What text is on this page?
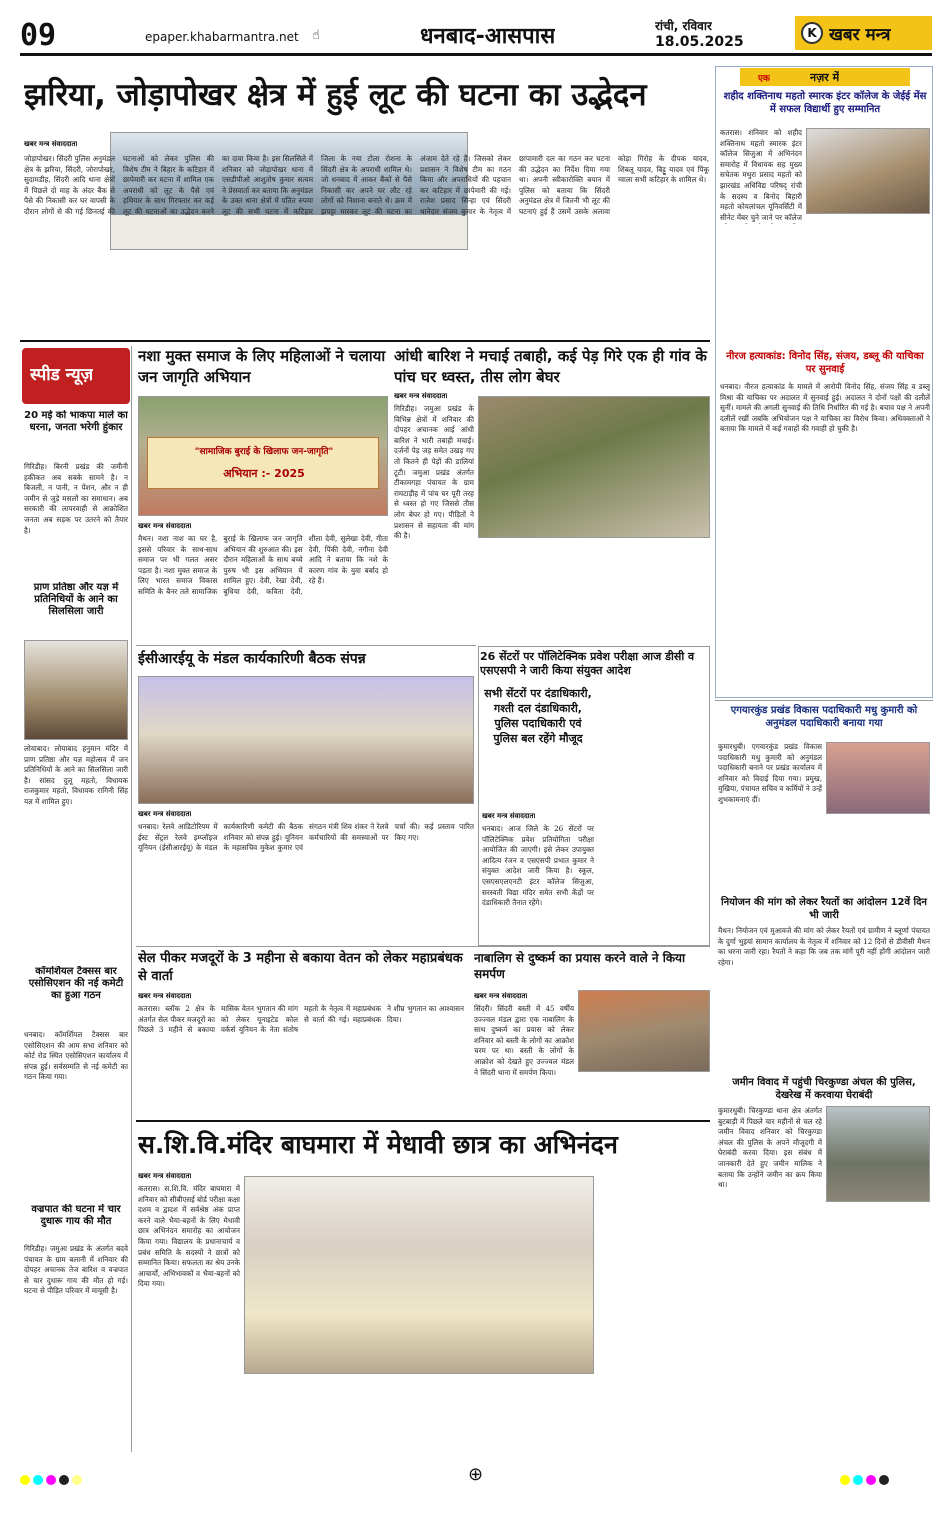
09	epaper.khabarmantra.net ☝	धनबाद-आसपास	रांची, रविवार
18.05.2025
K खबर मन्त्र
झरिया, जोड़ापोखर क्षेत्र में हुई लूट की घटना का उद्भेदन
खबर मन्त्र संवाददाता
जोड़ापोखर। सिंदरी पुलिस अनुमंडल क्षेत्र के झरिया, सिंदरी, जोरापोखर, सुदामडीह, सिंदरी आदि थाना क्षेत्रों में पिछले दो माह के अंदर बैंक से पैसे की निकासी कर घर वापसी के दौरान लोगों से की गई छिनतई की घटनाओं को लेकर पुलिस की विशेष टीम ने बिहार के कटिहार में छापेमारी कर घटना में शामिल एक अपराधी को लूट के पैसे एवं हथियार के साथ गिरफ्तार कर कई लूट की घटनाओं का उद्भेदन करने का दावा किया है। इस सिलसिले में शनिवार को जोड़ापोखर थाना में एसडीपीओ आशुतोष कुमार सत्यम ने प्रेसवार्ता कर बताया कि अनुमंडल के उक्त थाना क्षेत्रों में पतित रुपया लूट की सभी घटना में कटिहार जिला के नया टोला रोशना के सिंदरी क्षेत्र के अपराधी शामिल थे। जो धनबाद में आकर बैंकों से पैसे निकासी कर अपने घर लौट रहे लोगों को निशाना बनाते थे। क्रम में झपट्टा मारकर लूट की घटना का अंजाम देते रहे हैं। जिसको लेकर प्रशासन ने विशेष टीम का गठन किया और अपराधियों की पहचान कर कटिहार में छापेमारी की गई। राजेश प्रसाद सिन्हा एवं सिंदरी थानेदार संजय कुमार के नेतृत्व में छापामारी दल का गठन कर घटना की उद्भेदन का निर्देश दिया गया था। अपनी स्वीकारोक्ति बयान में पुलिस को बताया कि सिंदरी अनुमंडल क्षेत्र में जितनी भी लूट की घटनाएं हुई हैं उसमें उसके अलावा कोड़ा गिरोह के दीपक यादव, शिबलू यादव, बिट्टू यादव एवं पिंकू ग्वाला सभी कटिहार के शामिल थे।
एक	नज़र में
शहीद शक्तिनाथ महतो स्मारक इंटर कॉलेज के जेईई मेंस में सफल विद्यार्थी हुए सम्मानित
कतरास। शनिवार को शहीद शक्तिनाथ महतो स्मारक इंटर कॉलेज सिजुआ में अभिनंदन समारोह में विधायक सह मुख्य सचेतक मथुरा प्रसाद महतो को झारखंड अधिविद्य परिषद् रांची के सदस्य व बिनोद बिहारी महतो कोयलांचल यूनिवर्सिटी में सीनेट मेंबर चुने जाने पर कॉलेज
नीरज हत्याकांड: विनोद सिंह, संजय, डब्लू की याचिका पर सुनवाई
धनबाद। नीरज हत्याकांड के मामले में आरोपी विनोद सिंह, संजय सिंह व डब्लू मिश्रा की याचिका पर अदालत में सुनवाई हुई। अदालत ने दोनों पक्षों की दलीलें सुनीं। मामले की अगली सुनवाई की तिथि निर्धारित की गई है। बचाव पक्ष ने अपनी दलीलें रखीं जबकि अभियोजन पक्ष ने याचिका का विरोध किया। अधिवक्ताओं ने बताया कि मामले में कई गवाहों की गवाही हो चुकी है।
स्पीड न्यूज़
20 मई को भाकपा माले का धरना, जनता भरेगी हुंकार
गिरिडीह। बिरनी प्रखंड की जमीनी हकीकत अब सबके सामने है। न बिजली, न पानी, न पेंशन, और न ही जमीन से जुड़े मसलों का समाधान। अब सरकारी की लापरवाही से आक्रोशित जनता अब सड़क पर उतरने को तैयार है।
प्राण प्रतिष्ठा और यज्ञ में प्रतिनिधियों के आने का सिलसिला जारी
लोयाबाद। लोयाबाद हनुमान मंदिर में प्राण प्रतिष्ठा और यज्ञ महोत्सव में जन प्रतिनिधियों के आने का सिलसिला जारी है। सांसद दुलू महतो, विधायक राजकुमार महतो, विधायक रागिनी सिंह यज्ञ में शामिल हुए।
कॉमर्शियल टैक्सस बार एसोसिएशन की नई कमेटी का हुआ गठन
धनबाद। कॉमर्शियल टैक्सस बार एसोसिएशन की आम सभा शनिवार को कोर्ट रोड स्थित एसोसिएशन कार्यालय में संपन्न हुई। सर्वसम्मति से नई कमेटी का गठन किया गया।
वज्रपात की घटना में चार दुधारू गाय की मौत
गिरिडीह। जमुआ प्रखंड के अंतर्गत बदवे पंचायत के ग्राम बलानी में शनिवार की दोपहर अचानक तेज बारिश व वज्रपात से चार दुधारू गाय की मौत हो गई। घटना से पीड़ित परिवार में मायूसी है।
नशा मुक्त समाज के लिए महिलाओं ने चलाया जन जागृति अभियान
"सामाजिक बुराई के खिलाफ जन-जागृति"
अभियान :- 2025
खबर मन्त्र संवाददाता
मैथन। नशा नाश का घर है, इससे परिवार के साथ-साथ समाज पर भी गलत असर पड़ता है। नशा मुक्त समाज के लिए भारत समाज विकास समिति के बैनर तले सामाजिक बुराई के खिलाफ जन जागृति अभियान की शुरुआत की। इस दौरान महिलाओं के साथ बच्चे पुरुष भी इस अभियान में शामिल हुए। देवी, रेखा देवी, बुधिया देवी, कविता देवी, शीला देवी, सुलेखा देवी, गीता देवी, पिंकी देवी, नगीना देवी आदि ने बताया कि नशे के कारण गांव के युवा बर्बाद हो रहे हैं।
आंधी बारिश ने मचाई तबाही, कई पेड़ गिरे एक ही गांव के पांच घर ध्वस्त, तीस लोग बेघर
खबर मन्त्र संवाददाता
गिरिडीह। जमुआ प्रखंड के विभिन्न क्षेत्रों में शनिवार की दोपहर अचानक आई आंधी बारिश ने भारी तबाही मचाई। दर्जनों पेड़ जड़ समेत उखड़ गए तो कितने ही पेड़ों की डालियां टूटी। जमुआ प्रखंड अंतर्गत टीकामगहा पंचायत के ग्राम रामटाड़ीह में पांच घर पूरी तरह से ध्वस्त हो गए जिससे तीस लोग बेघर हो गए। पीड़ितों ने प्रशासन से सहायता की मांग की है।
ईसीआरईयू के मंडल कार्यकारिणी बैठक संपन्न
खबर मन्त्र संवाददाता
धनबाद। रेलवे आडिटोरियम में ईस्ट सेंट्रल रेलवे इम्प्लॉइज यूनियन (ईसीआरईयू) के मंडल कार्यकारिणी कमेटी की बैठक शनिवार को संपन्न हुई। यूनियन के महासचिव मुकेश कुमार एवं संगठन मंत्री शिव शंकर ने रेलवे कर्मचारियों की समस्याओं पर चर्चा की। कई प्रस्ताव पारित किए गए।
26 सेंटरों पर पॉलिटेक्निक प्रवेश परीक्षा आज डीसी व एसएसपी ने जारी किया संयुक्त आदेश
सभी सेंटरों पर दंडाधिकारी, गश्ती दल दंडाधिकारी, पुलिस पदाधिकारी एवं पुलिस बल रहेंगे मौजूद
खबर मन्त्र संवाददाता
धनबाद। आज जिले के 26 सेंटरों पर पॉलिटेक्निक प्रवेश प्रतियोगिता परीक्षा आयोजित की जाएगी। इसे लेकर उपायुक्त आदित्य रंजन व एसएसपी प्रभात कुमार ने संयुक्त आदेश जारी किया है। स्कूल, एसएसएलएनटी इंटर कॉलेज सिजुआ, सरस्वती विद्या मंदिर समेत सभी केंद्रों पर दंडाधिकारी तैनात रहेंगे।
सेल पीकर मजदूरों के 3 महीना से बकाया वेतन को लेकर महाप्रबंधक से वार्ता
खबर मन्त्र संवाददाता
कतरास। ब्लॉक 2 क्षेत्र के अंतर्गत सेल पीकर मजदूरों का पिछले 3 महीने से बकाया मासिक वेतन भुगतान की मांग को लेकर यूनाइटेड कोल वर्कर्स यूनियन के नेता संतोष महतो के नेतृत्व में महाप्रबंधक से वार्ता की गई। महाप्रबंधक ने शीघ्र भुगतान का आश्वासन दिया।
नाबालिग से दुष्कर्म का प्रयास करने वाले ने किया समर्पण
खबर मन्त्र संवाददाता
सिंदरी। सिंदरी बस्ती में 45 वर्षीय उज्ज्वल मंडल द्वारा एक नाबालिग के साथ दुष्कर्म का प्रयास को लेकर शनिवार को बस्ती के लोगों का आक्रोश चरम पर था। बस्ती के लोगों के आक्रोश को देखते हुए उज्ज्वल मंडल ने सिंदरी थाना में समर्पण किया।
एगयारकुंड प्रखंड विकास पदाधिकारी मधु कुमारी को अनुमंडल पदाधिकारी बनाया गया
कुमारधुबी। एगयारकुंड प्रखंड विकास पदाधिकारी मधु कुमारी को अनुमंडल पदाधिकारी बनाने पर प्रखंड कार्यालय में शनिवार को विदाई दिया गया। प्रमुख, मुखिया, पंचायत सचिव व कर्मियों ने उन्हें शुभकामनाएं दीं।
नियोजन की मांग को लेकर रैयतों का आंदोलन 12वें दिन भी जारी
मैथन। नियोजन एवं मुआवजे की मांग को लेकर रैयतों एवं ग्रामीण ने ब्लूर्णा पंचायत के दुर्गा भुइयां सामान कार्यालय के नेतृत्व में शनिवार को 12 दिनों से डीवीसी मैथन का धरना जारी रहा। रैयतों ने कहा कि जब तक मांगें पूरी नहीं होंगी आंदोलन जारी रहेगा।
जमीन विवाद में पहुंची चिरकुण्डा अंचल की पुलिस, देखरेख में करवाया घेराबंदी
कुमारधुबी। चिरकुण्डा थाना क्षेत्र अंतर्गत बुटबाड़ी में पिछले चार महीनों से चल रहे जमीन विवाद शनिवार को चिरकुण्डा अंचल की पुलिस के अपने मौजूदगी में घेराबंदी करवा दिया। इस संबंध में जानकारी देते हुए जमीन मालिक ने बताया कि उन्होंने जमीन का क्रय किया था।
स.शि.वि.मंदिर बाघमारा में मेधावी छात्र का अभिनंदन
खबर मन्त्र संवाददाता
कतरास। स.शि.वि. मंदिर बाघमारा में शनिवार को सीबीएसई बोर्ड परीक्षा कक्षा दशम व द्वादश में सर्वश्रेष्ठ अंक प्राप्त करने वाले भैया-बहनों के लिए मेधावी छात्र अभिनंदन समारोह का आयोजन किया गया। विद्यालय के प्रधानाचार्य व प्रबंध समिति के सदस्यों ने छात्रों को सम्मानित किया। सफलता का श्रेय उनके आचार्यों, अभिभावकों व भैया-बहनों को दिया गया।
⊕
